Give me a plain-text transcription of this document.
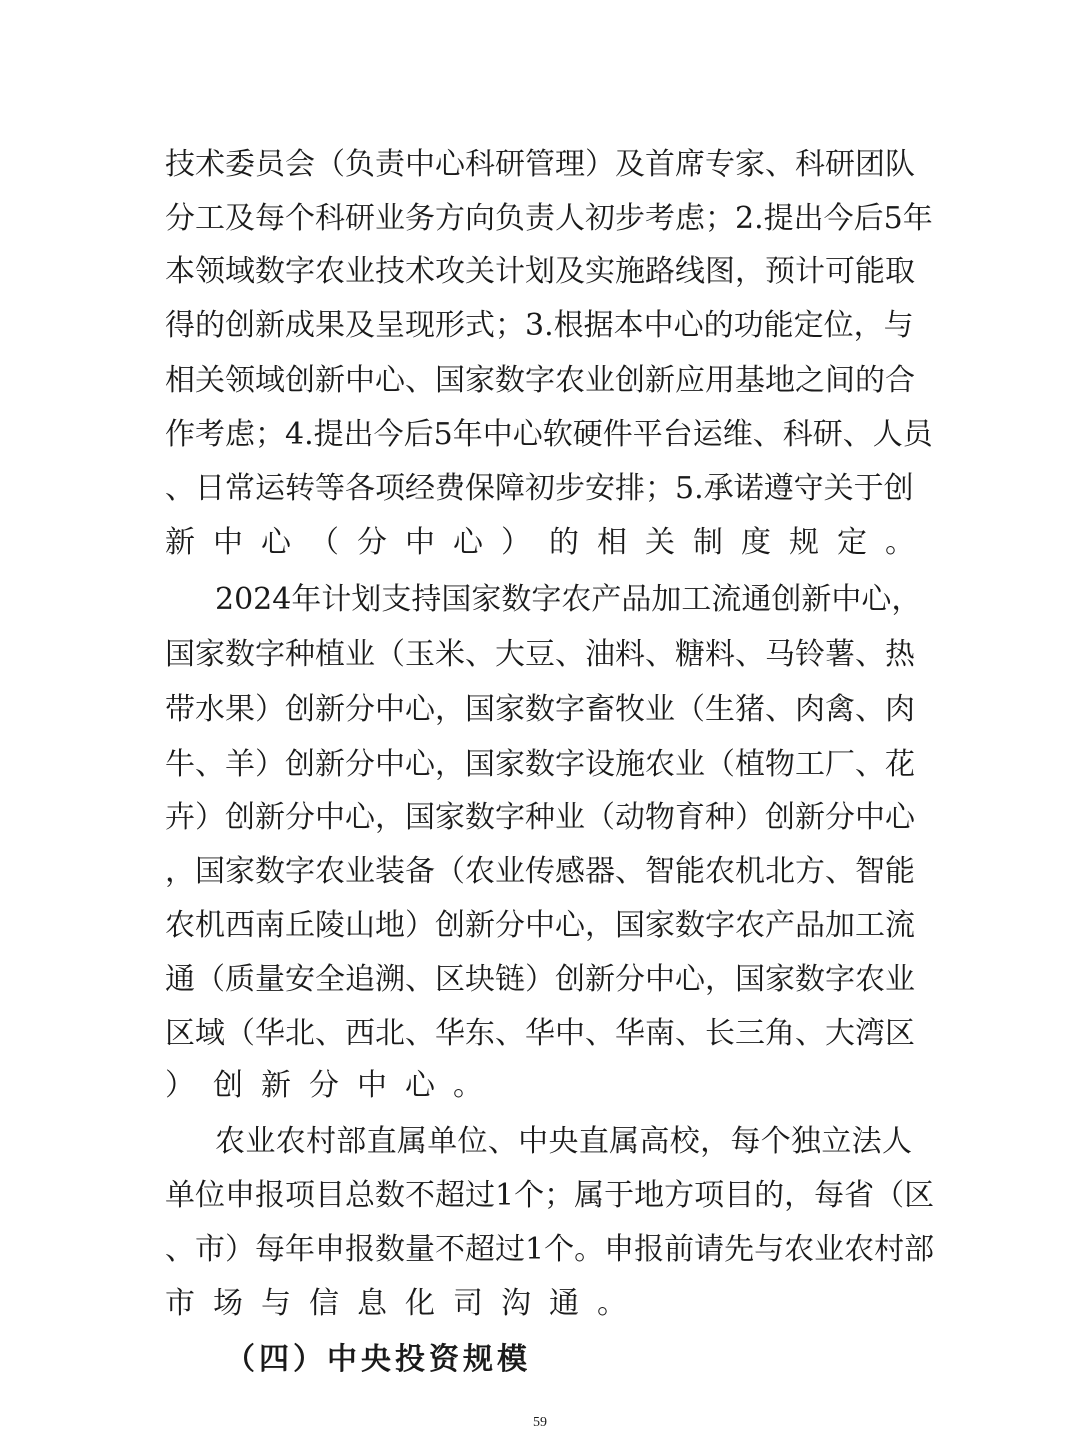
技术委员会（负责中心科研管理）及首席专家、科研团队
分工及每个科研业务方向负责人初步考虑；2.提出今后5年
本领域数字农业技术攻关计划及实施路线图，预计可能取
得的创新成果及呈现形式；3.根据本中心的功能定位，与
相关领域创新中心、国家数字农业创新应用基地之间的合
作考虑；4.提出今后5年中心软硬件平台运维、科研、人员
、日常运转等各项经费保障初步安排；5.承诺遵守关于创
新中心（分中心）的相关制度规定。
2024年计划支持国家数字农产品加工流通创新中心，
国家数字种植业（玉米、大豆、油料、糖料、马铃薯、热
带水果）创新分中心，国家数字畜牧业（生猪、肉禽、肉
牛、羊）创新分中心，国家数字设施农业（植物工厂、花
卉）创新分中心，国家数字种业（动物育种）创新分中心
，国家数字农业装备（农业传感器、智能农机北方、智能
农机西南丘陵山地）创新分中心，国家数字农产品加工流
通（质量安全追溯、区块链）创新分中心，国家数字农业
区域（华北、西北、华东、华中、华南、长三角、大湾区
）创新分中心。
农业农村部直属单位、中央直属高校，每个独立法人
单位申报项目总数不超过1个；属于地方项目的，每省（区
、市）每年申报数量不超过1个。申报前请先与农业农村部
市场与信息化司沟通。
（四）中央投资规模
59
